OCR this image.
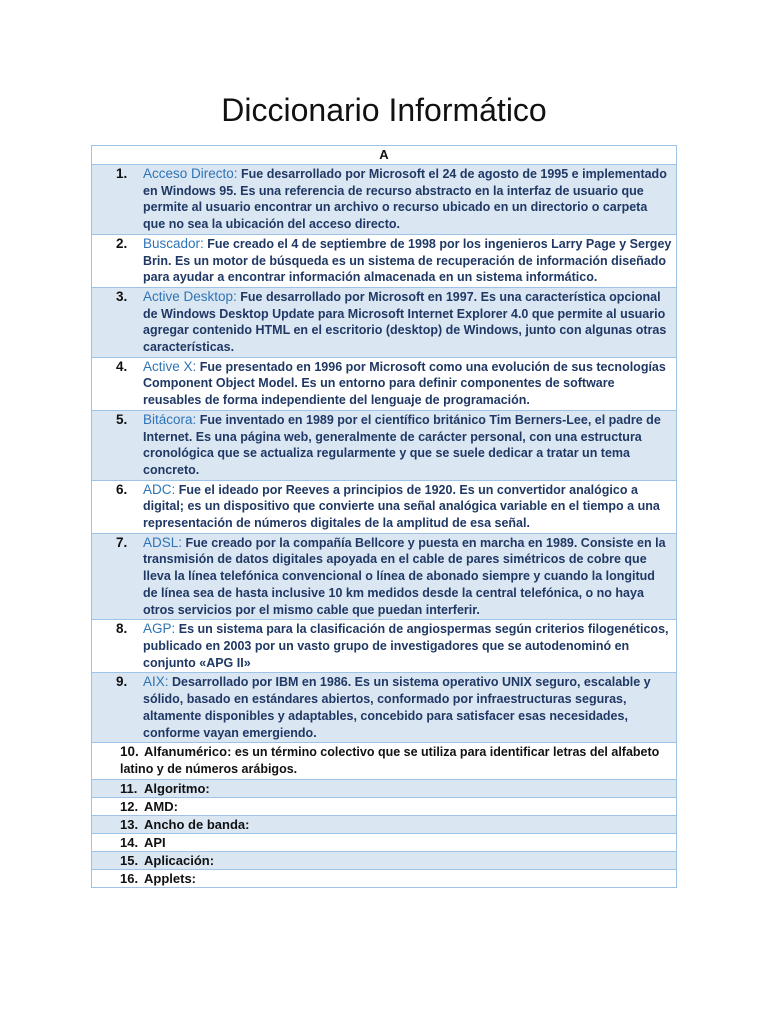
Diccionario Informático
A

1.	Acceso Directo: Fue desarrollado por Microsoft el 24 de agosto de 1995 e implementado en Windows 95. Es una referencia de recurso abstracto en la interfaz de usuario que permite al usuario encontrar un archivo o recurso ubicado en un directorio o carpeta que no sea la ubicación del acceso directo.

2.	Buscador: Fue creado el 4 de septiembre de 1998 por los ingenieros Larry Page y Sergey Brin. Es un motor de búsqueda es un sistema de recuperación de información diseñado para ayudar a encontrar información almacenada en un sistema informático.

3.	Active Desktop: Fue desarrollado por Microsoft en 1997. Es una característica opcional de Windows Desktop Update para Microsoft Internet Explorer 4.0 que permite al usuario agregar contenido HTML en el escritorio (desktop) de Windows, junto con algunas otras características.

4.	Active X: Fue presentado en 1996 por Microsoft como una evolución de sus tecnologías Component Object Model. Es un entorno para definir componentes de software reusables de forma independiente del lenguaje de programación.

5.	Bitácora: Fue inventado en 1989 por el científico británico Tim Berners-Lee, el padre de Internet. Es una página web, generalmente de carácter personal, con una estructura cronológica que se actualiza regularmente y que se suele dedicar a tratar un tema concreto.

6.	ADC: Fue el ideado por Reeves a principios de 1920. Es un convertidor analógico a digital; es un dispositivo que convierte una señal analógica variable en el tiempo a una representación de números digitales de la amplitud de esa señal.

7.	ADSL: Fue creado por la compañía Bellcore y puesta en marcha en 1989. Consiste en la transmisión de datos digitales apoyada en el cable de pares simétricos de cobre que lleva la línea telefónica convencional o línea de abonado siempre y cuando la longitud de línea sea de hasta inclusive 10 km medidos desde la central telefónica, o no haya otros servicios por el mismo cable que puedan interferir.

8.	AGP: Es un sistema para la clasificación de angiospermas según criterios filogenéticos, publicado en 2003 por un vasto grupo de investigadores que se autodenominó en conjunto «APG II»

9.	AIX: Desarrollado por IBM en 1986. Es un sistema operativo UNIX seguro, escalable y sólido, basado en estándares abiertos, conformado por infraestructuras seguras, altamente disponibles y adaptables, concebido para satisfacer esas necesidades, conforme vayan emergiendo.

10. Alfanumérico: es un término colectivo que se utiliza para identificar letras del alfabeto latino y de números arábigos.

11. Algoritmo:

12. AMD:

13. Ancho de banda:

14. API

15. Aplicación:

16. Applets:
